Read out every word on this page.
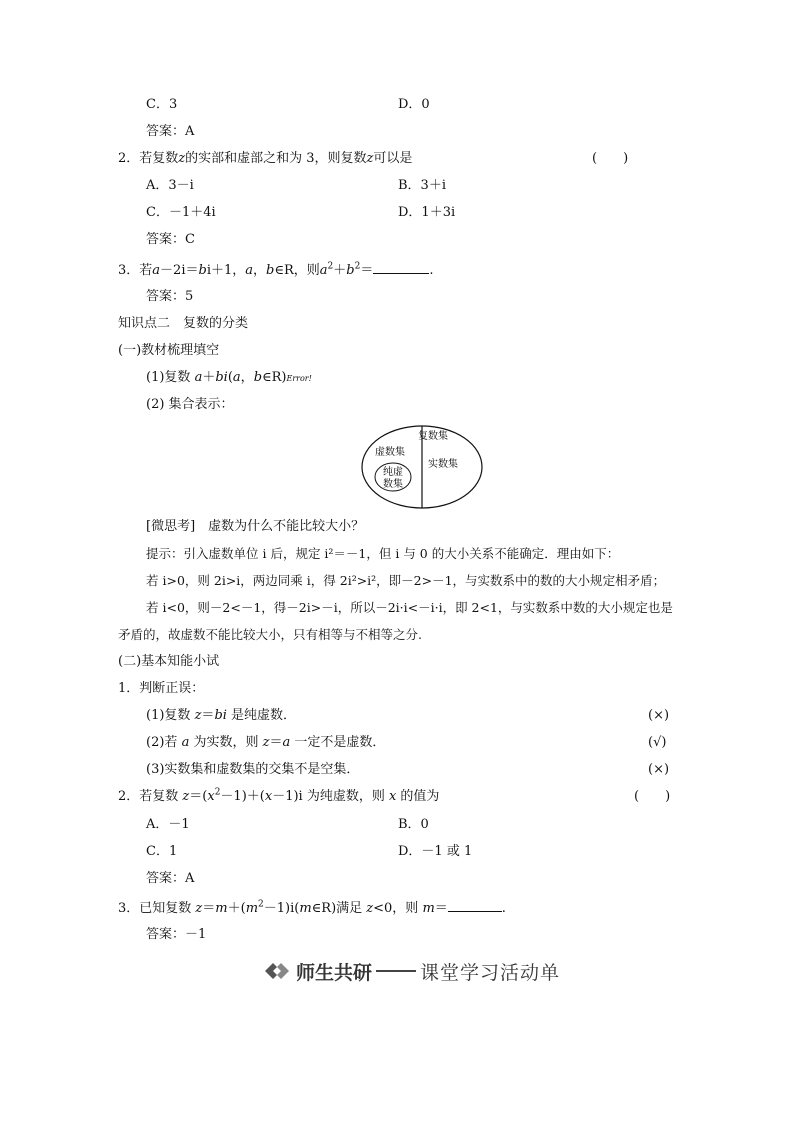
C．3	D．0
答案：A
2．若复数z的实部和虚部之和为 3，则复数z可以是	(　　)
A．3－i	B．3＋i
C．－1＋4i	D．1＋3i
答案：C
3．若a－2i＝bi＋1，a，b∈R，则$a^2+b^2=$	.
答案：5
知识点二　复数的分类
(一)教材梳理填空
(1)复数 a＋bi(a，b∈R)Error!
(2) 集合表示：
复数集
虚数集
实数集
纯虚
数集
[微思考]　虚数为什么不能比较大小？
提示：引入虚数单位 i 后，规定 i²＝－1，但 i 与 0 的大小关系不能确定．理由如下：
若 i>0，则 2i>i，两边同乘 i，得 2i²>i²，即－2>－1，与实数系中的数的大小规定相矛盾；
若 i<0，则－2<－1，得－2i>－i，所以－2i·i<－i·i，即 2<1，与实数系中数的大小规定也是
矛盾的，故虚数不能比较大小，只有相等与不相等之分.
(二)基本知能小试
1．判断正误：
(1)复数 z＝bi 是纯虚数．	(×)
(2)若 a 为实数，则 z＝a 一定不是虚数．	(√)
(3)实数集和虚数集的交集不是空集．	(×)
2．若复数 $z=(x^2-1)+(x-1)i$ 为纯虚数，则 x 的值为	(　　)
A．－1	B．0
C．1	D．－1 或 1
答案：A
3．已知复数 $z=m+(m^2-1)i(m\in R)$满足 z<0，则 m＝	.
答案：－1
师生共研	课堂学习活动单
